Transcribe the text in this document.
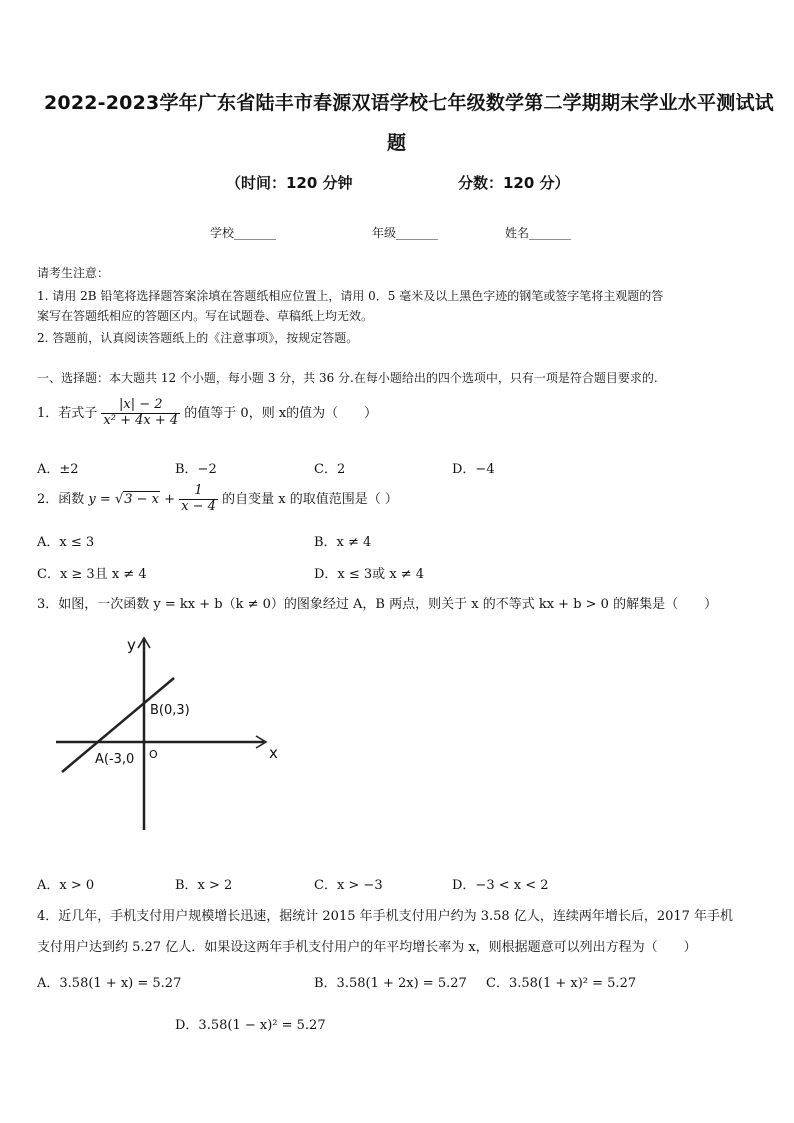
2022-2023学年广东省陆丰市春源双语学校七年级数学第二学期期末学业水平测试试
题
（时间：120 分钟	分数：120 分）
学校_______	年级_______	姓名_______
请考生注意：
1. 请用 2B 铅笔将选择题答案涂填在答题纸相应位置上，请用 0．5 毫米及以上黑色字迹的钢笔或签字笔将主观题的答
案写在答题纸相应的答题区内。写在试题卷、草稿纸上均无效。
2. 答题前，认真阅读答题纸上的《注意事项》，按规定答题。
一、选择题：本大题共 12 个小题，每小题 3 分，共 36 分.在每小题给出的四个选项中，只有一项是符合题目要求的.
1．若式子 $\frac{|x| - 2}{\text{x² + 4x + 4}}$ 的值等于 0，则 x的值为（　　）
A．±2	B．−2	C．2	D．−4
2．函数 $y = √3 - x + \frac{1}{x - 4}$ 的自变量 x 的取值范围是（ ）
A．x ≤ 3	B．x ≠ 4
C．x ≥ 3且 x ≠ 4	D．x ≤ 3或 x ≠ 4
3．如图，一次函数 y = kx + b（k ≠ 0）的图象经过 A，B 两点，则关于 x 的不等式 kx + b > 0 的解集是（　　）
y
x
O
B(0,3)
A(-3,0
A．x > 0	B．x > 2	C．x > −3	D．−3 < x < 2
4．近几年，手机支付用户规模增长迅速，据统计 2015 年手机支付用户约为 3.58 亿人，连续两年增长后，2017 年手机
支付用户达到约 5.27 亿人．如果设这两年手机支付用户的年平均增长率为 x，则根据题意可以列出方程为（　　）
A．3.58(1 + x) = 5.27	B．3.58(1 + 2x) = 5.27 C．3.58(1 + x)² = 5.27
D．3.58(1 − x)² = 5.27
